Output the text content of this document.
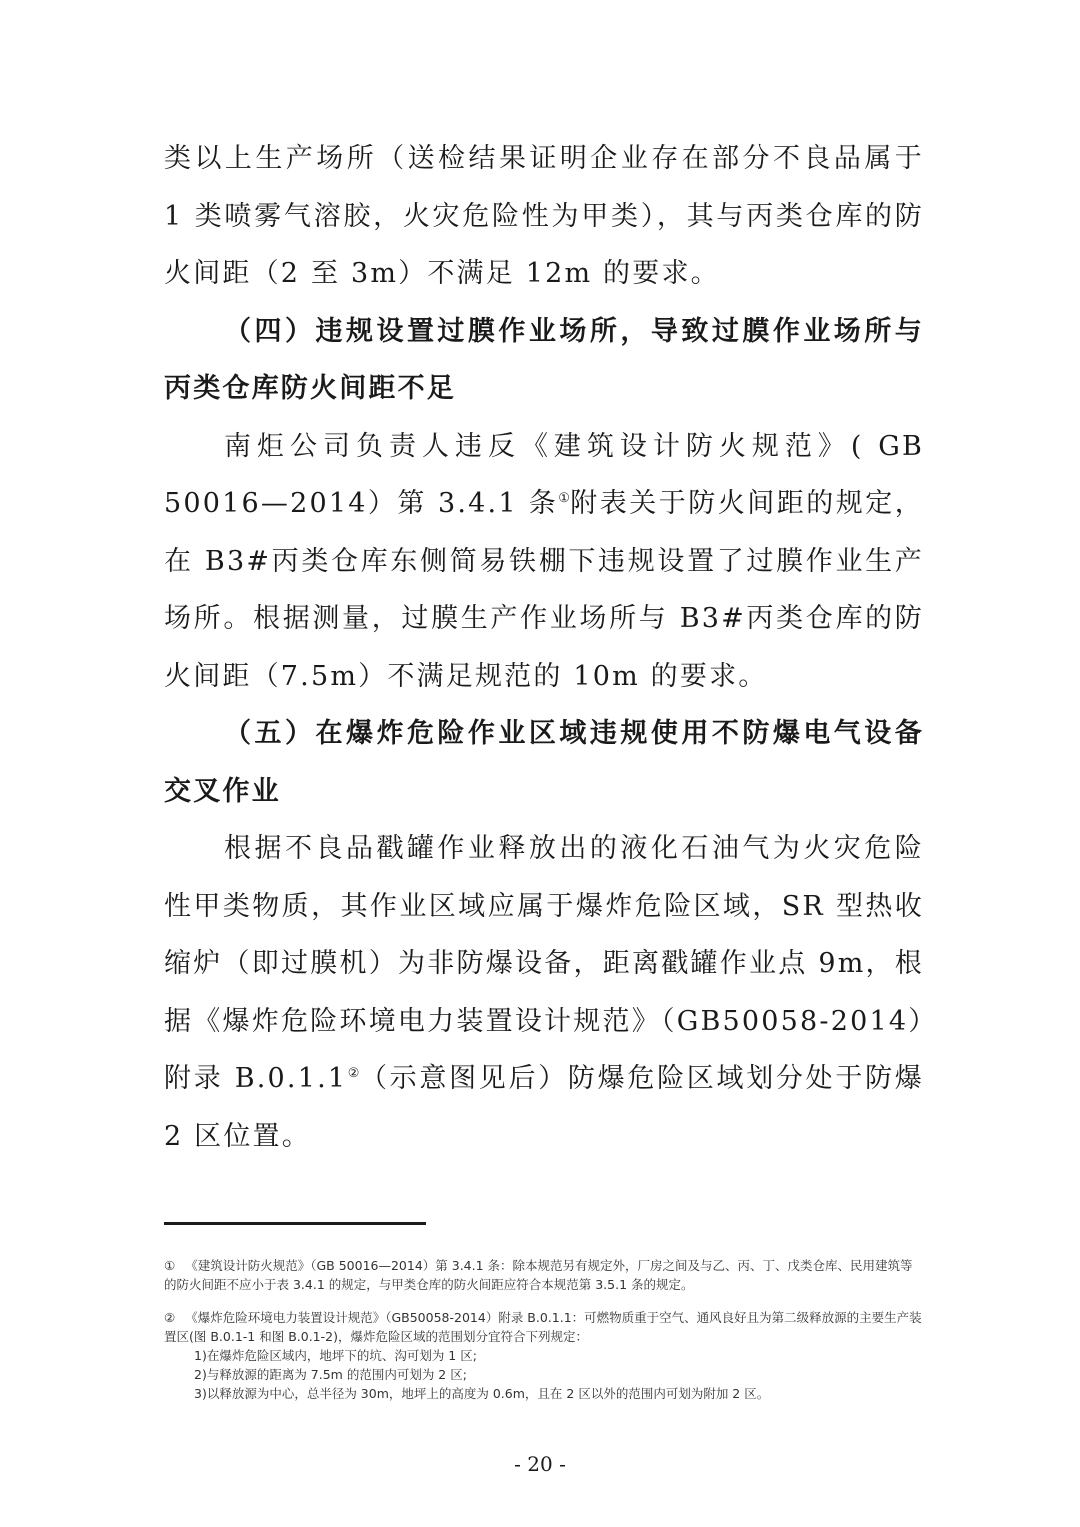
类以上生产场所（送检结果证明企业存在部分不良品属于 1 类喷雾气溶胶，火灾危险性为甲类），其与丙类仓库的防火间距（2 至 3m）不满足 12m 的要求。

（四）违规设置过膜作业场所，导致过膜作业场所与丙类仓库防火间距不足

南炬公司负责人违反《建筑设计防火规范》( GB 50016—2014）第 3.4.1 条①附表关于防火间距的规定，在 B3#丙类仓库东侧简易铁棚下违规设置了过膜作业生产场所。根据测量，过膜生产作业场所与 B3#丙类仓库的防火间距（7.5m）不满足规范的 10m 的要求。

（五）在爆炸危险作业区域违规使用不防爆电气设备交叉作业

根据不良品戳罐作业释放出的液化石油气为火灾危险性甲类物质，其作业区域应属于爆炸危险区域，SR 型热收缩炉（即过膜机）为非防爆设备，距离戳罐作业点 9m，根据《爆炸危险环境电力装置设计规范》（GB50058-2014）附录 B.0.1.1②（示意图见后）防爆危险区域划分处于防爆 2 区位置。

① 《建筑设计防火规范》（GB 50016—2014）第 3.4.1 条：除本规范另有规定外，厂房之间及与乙、丙、丁、戊类仓库、民用建筑等的防火间距不应小于表 3.4.1 的规定，与甲类仓库的防火间距应符合本规范第 3.5.1 条的规定。

② 《爆炸危险环境电力装置设计规范》（GB50058-2014）附录 B.0.1.1：可燃物质重于空气、通风良好且为第二级释放源的主要生产装置区(图 B.0.1-1 和图 B.0.1-2)，爆炸危险区域的范围划分宜符合下列规定：
1)在爆炸危险区域内，地坪下的坑、沟可划为 1 区;
2)与释放源的距离为 7.5m 的范围内可划为 2 区;
3)以释放源为中心，总半径为 30m，地坪上的高度为 0.6m，且在 2 区以外的范围内可划为附加 2 区。
- 20 -
